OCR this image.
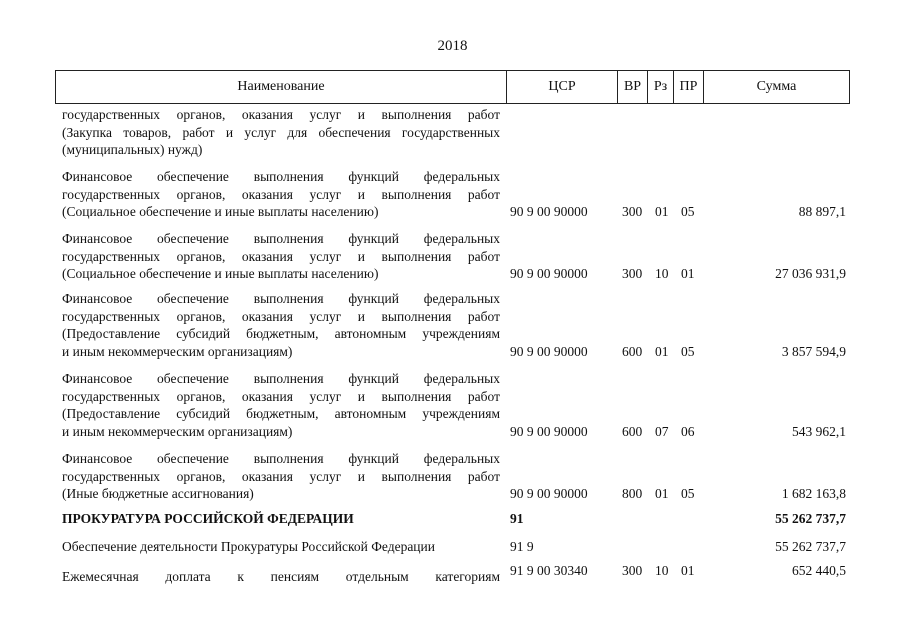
2018
Наименование	ЦСР	ВР Рз ПР	Сумма
государственных органов, оказания услуг и выполнения работ
(Закупка товаров, работ и услуг для обеспечения государственных
(муниципальных) нужд)
Финансовое обеспечение выполнения функций федеральных
государственных органов, оказания услуг и выполнения работ
(Социальное обеспечение и иные выплаты населению)	90 9 00 90000	300 01 05	88 897,1
Финансовое обеспечение выполнения функций федеральных
государственных органов, оказания услуг и выполнения работ
(Социальное обеспечение и иные выплаты населению)	90 9 00 90000	300 10 01	27 036 931,9
Финансовое обеспечение выполнения функций федеральных
государственных органов, оказания услуг и выполнения работ
(Предоставление субсидий бюджетным, автономным учреждениям
и иным некоммерческим организациям)	90 9 00 90000	600 01 05	3 857 594,9
Финансовое обеспечение выполнения функций федеральных
государственных органов, оказания услуг и выполнения работ
(Предоставление субсидий бюджетным, автономным учреждениям
и иным некоммерческим организациям)	90 9 00 90000	600 07 06	543 962,1
Финансовое обеспечение выполнения функций федеральных
государственных органов, оказания услуг и выполнения работ
(Иные бюджетные ассигнования)	90 9 00 90000	800 01 05	1 682 163,8
ПРОКУРАТУРА РОССИЙСКОЙ ФЕДЕРАЦИИ	91	55 262 737,7
Обеспечение деятельности Прокуратуры Российской Федерации	91 9	55 262 737,7
Ежемесячная доплата к пенсиям отдельным категориям 91 9 00 30340	300 10 01	652 440,5
